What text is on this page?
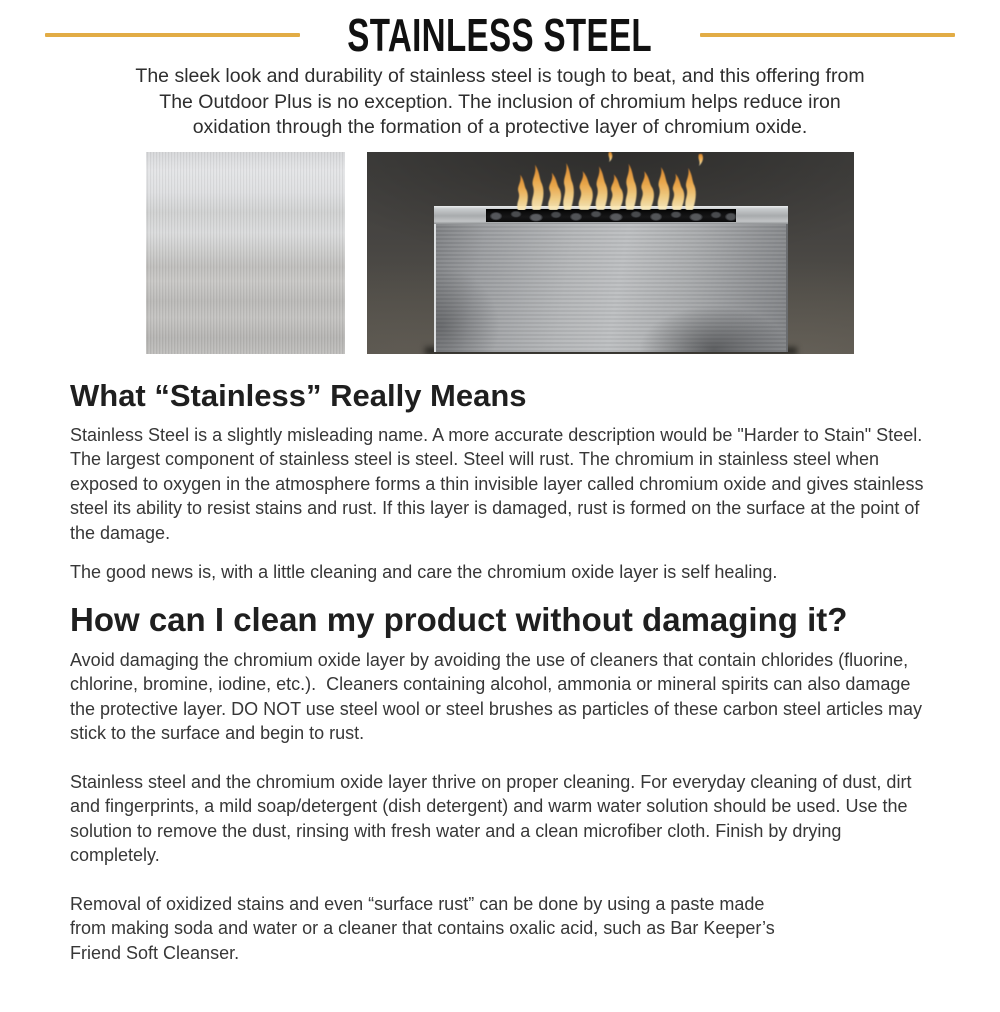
STAINLESS STEEL
The sleek look and durability of stainless steel is tough to beat, and this offering from
The Outdoor Plus is no exception. The inclusion of chromium helps reduce iron
oxidation through the formation of a protective layer of chromium oxide.
What “Stainless” Really Means
Stainless Steel is a slightly misleading name. A more accurate description would be "Harder to Stain" Steel. The largest component of stainless steel is steel. Steel will rust. The chromium in stainless steel when exposed to oxygen in the atmosphere forms a thin invisible layer called chromium oxide and gives stainless steel its ability to resist stains and rust. If this layer is damaged, rust is formed on the surface at the point of
the damage.
The good news is, with a little cleaning and care the chromium oxide layer is self healing.
How can I clean my product without damaging it?
Avoid damaging the chromium oxide layer by avoiding the use of cleaners that contain chlorides (fluorine, chlorine, bromine, iodine, etc.).  Cleaners containing alcohol, ammonia or mineral spirits can also damage the protective layer. DO NOT use steel wool or steel brushes as particles of these carbon steel articles may stick to the surface and begin to rust.
Stainless steel and the chromium oxide layer thrive on proper cleaning. For everyday cleaning of dust, dirt and fingerprints, a mild soap/detergent (dish detergent) and warm water solution should be used. Use the solution to remove the dust, rinsing with fresh water and a clean microfiber cloth. Finish by drying completely.
Removal of oxidized stains and even “surface rust” can be done by using a paste made
from making soda and water or a cleaner that contains oxalic acid, such as Bar Keeper’s
Friend Soft Cleanser.
